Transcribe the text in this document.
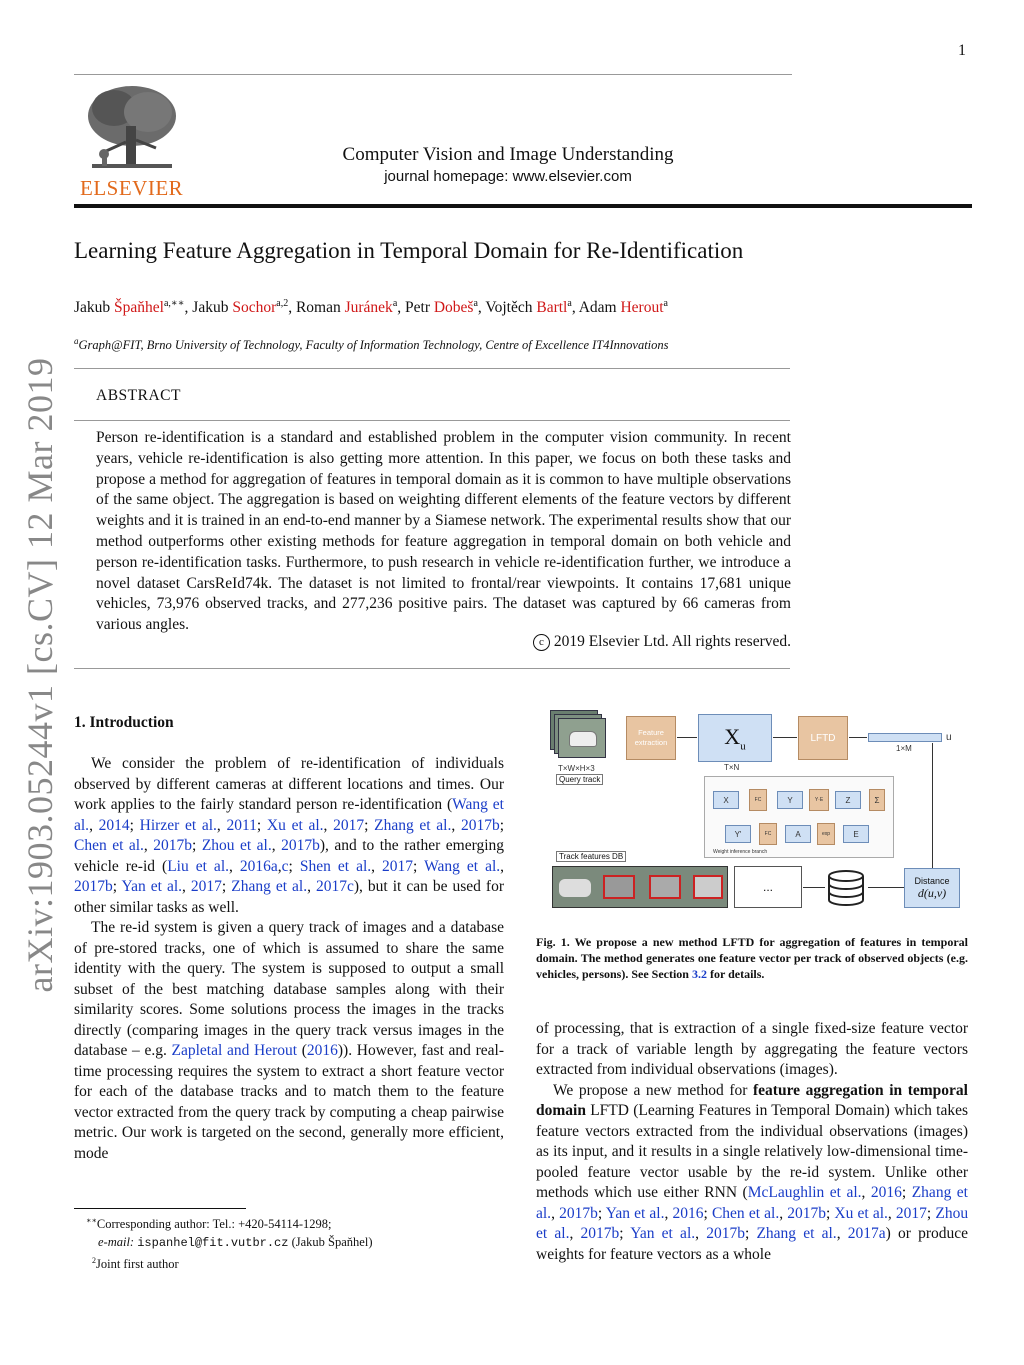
1
arXiv:1903.05244v1 [cs.CV] 12 Mar 2019
ELSEVIER
Computer Vision and Image Understanding
journal homepage: www.elsevier.com
Learning Feature Aggregation in Temporal Domain for Re-Identification
Jakub Špaňhel$^{a,∗∗}$, Jakub Sochor$^{a,2}$, Roman Juránek$^a$, Petr Dobeš$^a$, Vojtěch Bartl$^a$, Adam Herout$^a$
$^a$Graph@FIT, Brno University of Technology, Faculty of Information Technology, Centre of Excellence IT4Innovations
ABSTRACT
Person re-identification is a standard and established problem in the computer vision community. In recent years, vehicle re-identification is also getting more attention. In this paper, we focus on both these tasks and propose a method for aggregation of features in temporal domain as it is common to have multiple observations of the same object. The aggregation is based on weighting different elements of the feature vectors by different weights and it is trained in an end-to-end manner by a Siamese network. The experimental results show that our method outperforms other existing methods for feature aggregation in temporal domain on both vehicle and person re-identification tasks. Furthermore, to push research in vehicle re-identification further, we introduce a novel dataset CarsReId74k. The dataset is not limited to frontal/rear viewpoints. It contains 17,681 unique vehicles, 73,976 observed tracks, and 277,236 positive pairs. The dataset was captured by 66 cameras from various angles.
c 2019 Elsevier Ltd. All rights reserved.
1. Introduction

We consider the problem of re-identification of individuals observed by different cameras at different locations and times. Our work applies to the fairly standard person re-identification (Wang et al., 2014; Hirzer et al., 2011; Xu et al., 2017; Zhang et al., 2017b; Chen et al., 2017b; Zhou et al., 2017b), and to the rather emerging vehicle re-id (Liu et al., 2016a,c; Shen et al., 2017; Wang et al., 2017b; Yan et al., 2017; Zhang et al., 2017c), but it can be used for other similar tasks as well.

The re-id system is given a query track of images and a database of pre-stored tracks, one of which is assumed to share the same identity with the query. The system is supposed to output a small subset of the best matching database samples along with their similarity scores. Some solutions process the images in the tracks directly (comparing images in the query track versus images in the database – e.g. Zapletal and Herout (2016)). However, fast and real-time processing requires the system to extract a short feature vector for each of the database tracks and to match them to the feature vector extracted from the query track by computing a cheap pairwise metric. Our work is targeted on the second, generally more efficient, mode

∗∗Corresponding author: Tel.: +420-54114-1298;
e-mail: ispanhel@fit.vutbr.cz (Jakub Špaňhel)
$^2$Joint first author
T×W×H×3
Query track
Feature extraction	$X_u$
T×N
LFTD	u
1×M
X	FC	Y	Y·E	Z	Σ
Y'	FC	A	exp	E
Weight inference branch
Track features DB
...	Distance
d(u,v)
Fig. 1. We propose a new method LFTD for aggregation of features in temporal domain. The method generates one feature vector per track of observed objects (e.g. vehicles, persons). See Section 3.2 for details.

of processing, that is extraction of a single fixed-size feature vector for a track of variable length by aggregating the feature vectors extracted from individual observations (images).

We propose a new method for feature aggregation in temporal domain LFTD (Learning Features in Temporal Domain) which takes feature vectors extracted from the individual observations (images) as its input, and it results in a single relatively low-dimensional time-pooled feature vector usable by the re-id system. Unlike other methods which use either RNN (McLaughlin et al., 2016; Zhang et al., 2017b; Yan et al., 2016; Chen et al., 2017b; Xu et al., 2017; Zhou et al., 2017b; Yan et al., 2017b; Zhang et al., 2017a) or produce weights for feature vectors as a whole
